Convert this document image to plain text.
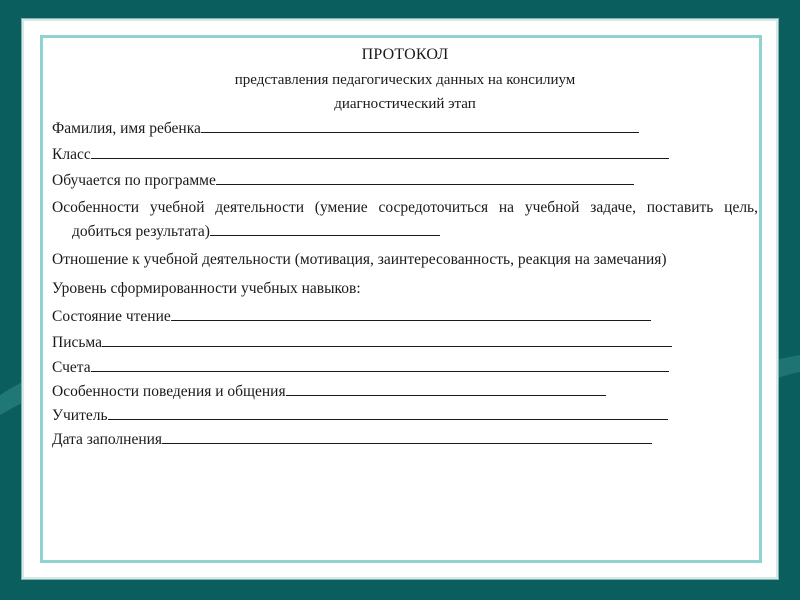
ПРОТОКОЛ
представления педагогических данных на консилиум
диагностический этап
Фамилия, имя ребенка
Класс
Обучается по программе
Особенности учебной деятельности (умение сосредоточиться на учебной задаче, поставить цель, добиться результата)
Отношение к учебной деятельности (мотивация, заинтересованность, реакция на замечания)
Уровень сформированности учебных навыков:
Состояние чтение
Письма
Счета
Особенности поведения и общения
Учитель
Дата заполнения
